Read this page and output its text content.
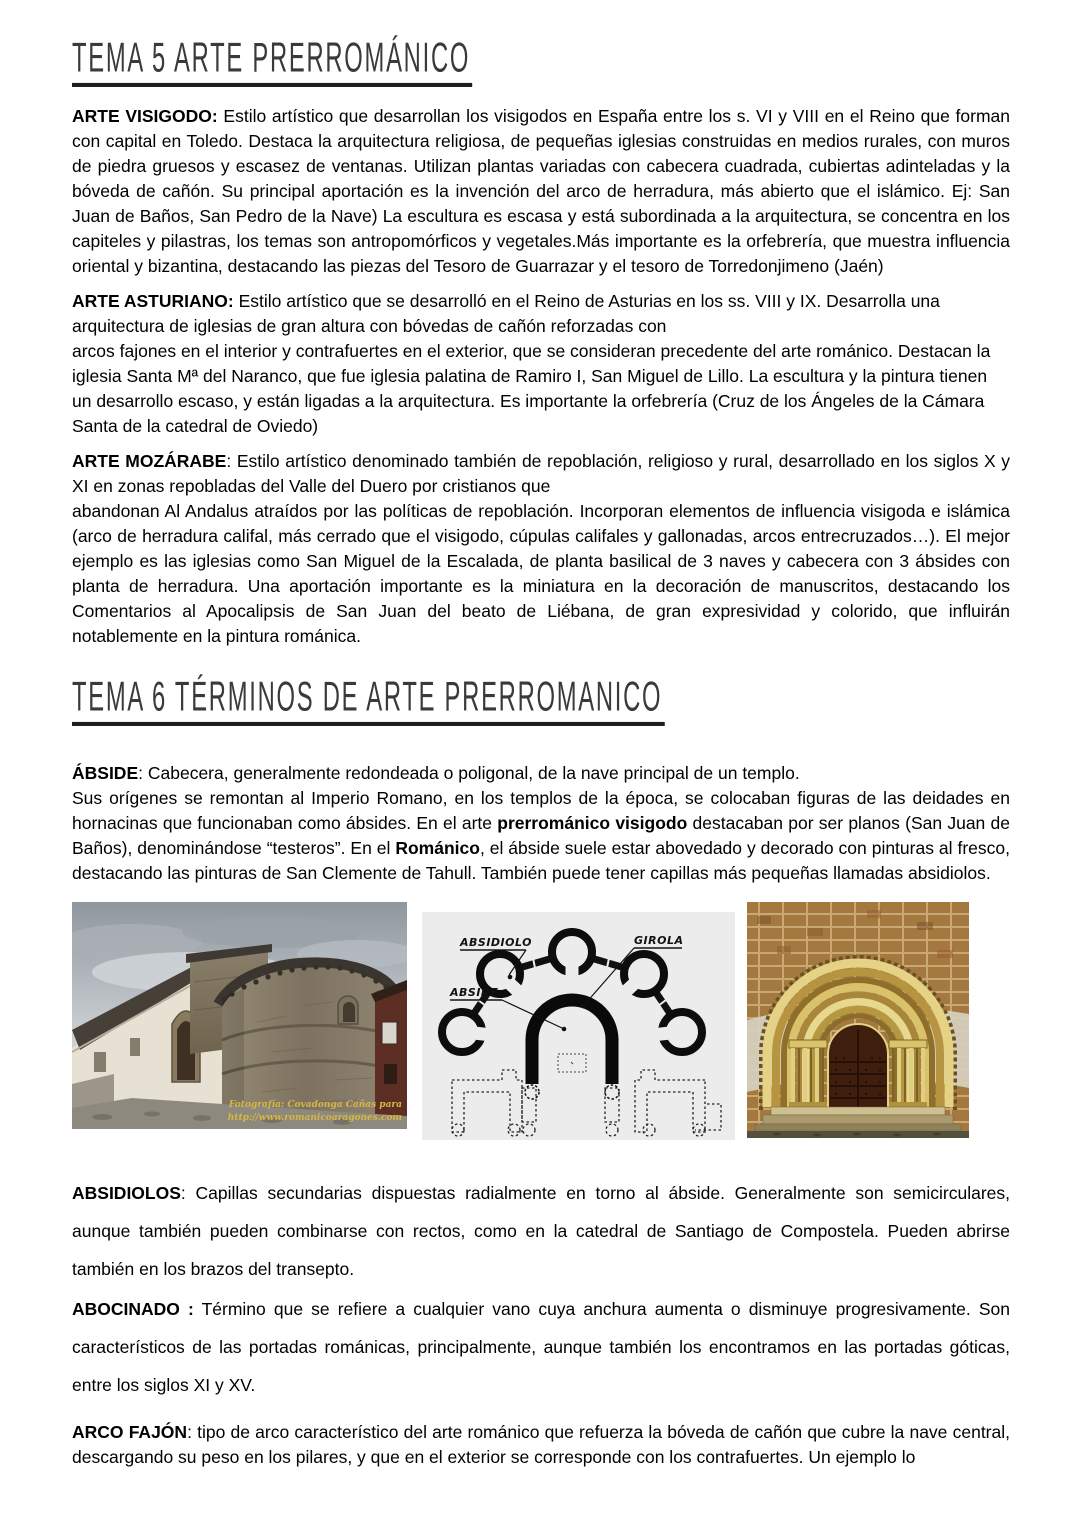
TEMA 5 ARTE PRERROMÁNICO

ARTE VISIGODO: Estilo artístico que desarrollan los visigodos en España entre los s. VI y VIII en el Reino que forman con capital en Toledo. Destaca la arquitectura religiosa, de pequeñas iglesias construidas en medios rurales, con muros de piedra gruesos y escasez de ventanas. Utilizan plantas variadas con cabecera cuadrada, cubiertas adinteladas y la bóveda de cañón. Su principal aportación es la invención del arco de herradura, más abierto que el islámico. Ej: San Juan de Baños, San Pedro de la Nave) La escultura es escasa y está subordinada a la arquitectura, se concentra en los capiteles y pilastras, los temas son antropomórficos y vegetales.Más importante es la orfebrería, que muestra influencia oriental y bizantina, destacando las piezas del Tesoro de Guarrazar y el tesoro de Torredonjimeno (Jaén)

ARTE ASTURIANO: Estilo artístico que se desarrolló en el Reino de Asturias en los ss. VIII y IX. Desarrolla una arquitectura de iglesias de gran altura con bóvedas de cañón reforzadas con
arcos fajones en el interior y contrafuertes en el exterior, que se consideran precedente del arte románico. Destacan la iglesia Santa Mª del Naranco, que fue iglesia palatina de Ramiro I, San Miguel de Lillo. La escultura y la pintura tienen un desarrollo escaso, y están ligadas a la arquitectura. Es importante la orfebrería (Cruz de los Ángeles de la Cámara Santa de la catedral de Oviedo)

ARTE MOZÁRABE: Estilo artístico denominado también de repoblación, religioso y rural, desarrollado en los siglos X y XI en zonas repobladas del Valle del Duero por cristianos que
abandonan Al Andalus atraídos por las políticas de repoblación. Incorporan elementos de influencia visigoda e islámica (arco de herradura califal, más cerrado que el visigodo, cúpulas califales y gallonadas, arcos entrecruzados…). El mejor ejemplo es las iglesias como San Miguel de la Escalada, de planta basilical de 3 naves y cabecera con 3 ábsides con planta de herradura. Una aportación importante es la miniatura en la decoración de manuscritos, destacando los Comentarios al Apocalipsis de San Juan del beato de Liébana, de gran expresividad y colorido, que influirán notablemente en la pintura románica.

TEMA 6 TÉRMINOS DE ARTE PRERROMANICO

ÁBSIDE: Cabecera, generalmente redondeada o poligonal, de la nave principal de un templo.
Sus orígenes se remontan al Imperio Romano, en los templos de la época, se colocaban figuras de las deidades en hornacinas que funcionaban como ábsides. En el arte prerrománico visigodo destacaban por ser planos (San Juan de Baños), denominándose “testeros”. En el Románico, el ábside suele estar abovedado y decorado con pinturas al fresco, destacando las pinturas de San Clemente de Tahull. También puede tener capillas más pequeñas llamadas absidiolos.

Fotografía: Covadonga Cañas para
http://www.romanicoaragones.com
ABSIDIOLO	GIROLA
ABSIDE

ABSIDIOLOS: Capillas secundarias dispuestas radialmente en torno al ábside. Generalmente son semicirculares, aunque también pueden combinarse con rectos, como en la catedral de Santiago de Compostela. Pueden abrirse también en los brazos del transepto.

ABOCINADO : Término que se refiere a cualquier vano cuya anchura aumenta o disminuye progresivamente. Son característicos de las portadas románicas, principalmente, aunque también los encontramos en las portadas góticas, entre los siglos XI y XV.

ARCO FAJÓN: tipo de arco característico del arte románico que refuerza la bóveda de cañón que cubre la nave central, descargando su peso en los pilares, y que en el exterior se corresponde con los contrafuertes. Un ejemplo lo
